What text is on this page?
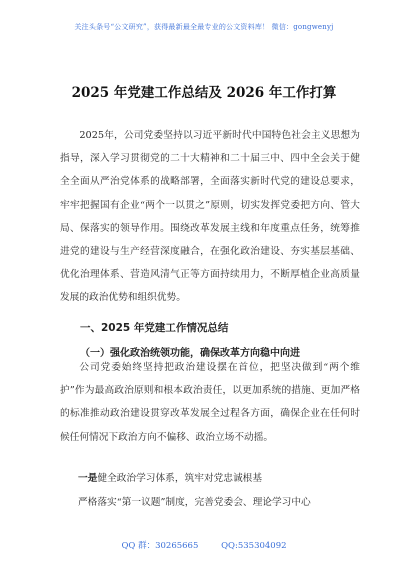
关注头条号“公文研究”，获得最新最全最专业的公文资料库！ 微信：gongwenyj
2025 年党建工作总结及 2026 年工作打算

2025年，公司党委坚持以习近平新时代中国特色社会主义思想为指导，深入学习贯彻党的二十大精神和二十届三中、四中全会关于健全全面从严治党体系的战略部署，全面落实新时代党的建设总要求，牢牢把握国有企业“两个一以贯之”原则，切实发挥党委把方向、管大局、保落实的领导作用。围绕改革发展主线和年度重点任务，统筹推进党的建设与生产经营深度融合，在强化政治建设、夯实基层基础、优化治理体系、营造风清气正等方面持续用力，不断厚植企业高质量发展的政治优势和组织优势。

一、2025 年党建工作情况总结

（一）强化政治统领功能，确保改革方向稳中向进

公司党委始终坚持把政治建设摆在首位，把坚决做到“两个维护”作为最高政治原则和根本政治责任，以更加系统的措施、更加严格的标准推动政治建设贯穿改革发展全过程各方面，确保企业在任何时候任何情况下政治方向不偏移、政治立场不动摇。

一是健全政治学习体系，筑牢对党忠诚根基

严格落实“第一议题”制度，完善党委会、理论学习中心

QQ 群：30265665	QQ:535304092
